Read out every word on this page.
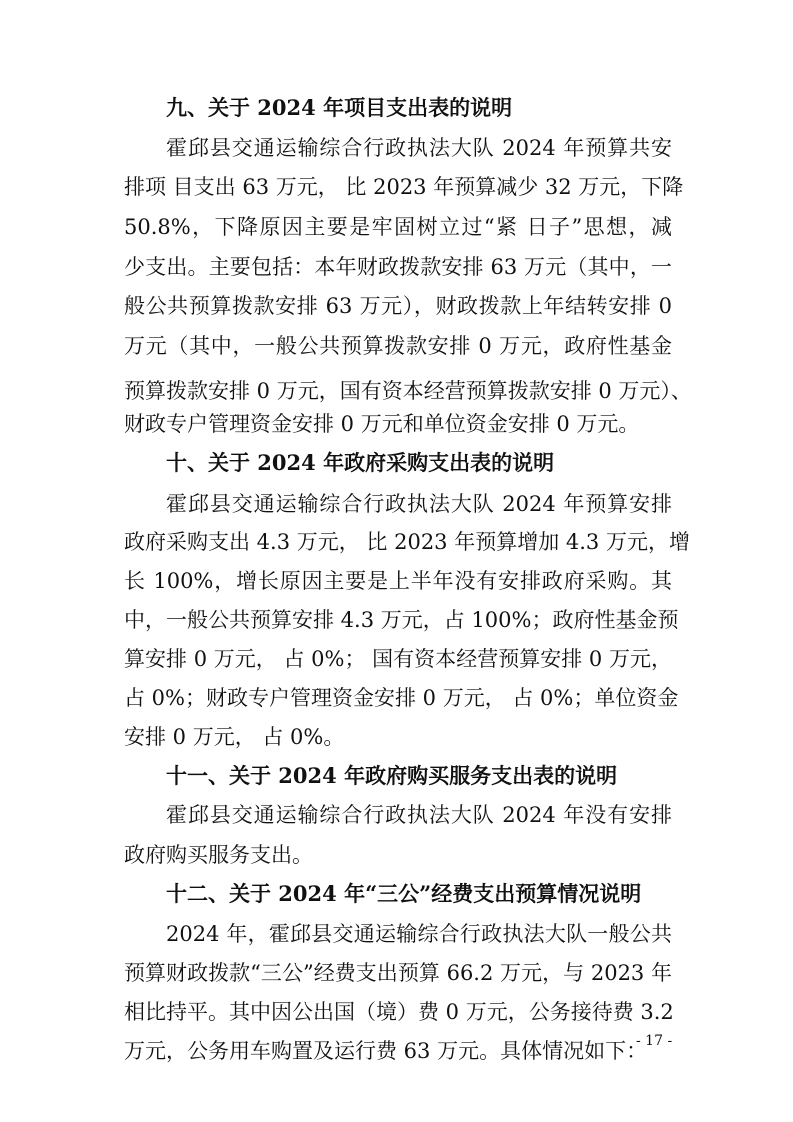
九、关于 2024 年项目支出表的说明
霍邱县交通运输综合行政执法大队 2024 年预算共安
排项 目支出 63 万元， 比 2023 年预算减少 32 万元，下降
50.8%，下降原因主要是牢固树立过“紧 日子”思想，减
少支出。主要包括：本年财政拨款安排 63 万元（其中，一
般公共预算拨款安排 63 万元），财政拨款上年结转安排 0
万元（其中，一般公共预算拨款安排 0 万元，政府性基金
预算拨款安排 0 万元，国有资本经营预算拨款安排 0 万元）、
财政专户管理资金安排 0 万元和单位资金安排 0 万元。
十、关于 2024 年政府采购支出表的说明
霍邱县交通运输综合行政执法大队 2024 年预算安排
政府采购支出 4.3 万元， 比 2023 年预算增加 4.3 万元，增
长 100%，增长原因主要是上半年没有安排政府采购。其
中，一般公共预算安排 4.3 万元，占 100%；政府性基金预
算安排 0 万元， 占 0%； 国有资本经营预算安排 0 万元，
占 0%；财政专户管理资金安排 0 万元， 占 0%；单位资金
安排 0 万元， 占 0%。
十一、关于 2024 年政府购买服务支出表的说明
霍邱县交通运输综合行政执法大队 2024 年没有安排
政府购买服务支出。
十二、关于 2024 年“三公”经费支出预算情况说明
2024 年，霍邱县交通运输综合行政执法大队一般公共
预算财政拨款“三公”经费支出预算 66.2 万元，与 2023 年
相比持平。其中因公出国（境）费 0 万元，公务接待费 3.2
万元，公务用车购置及运行费 63 万元。具体情况如下：
- 17 -
